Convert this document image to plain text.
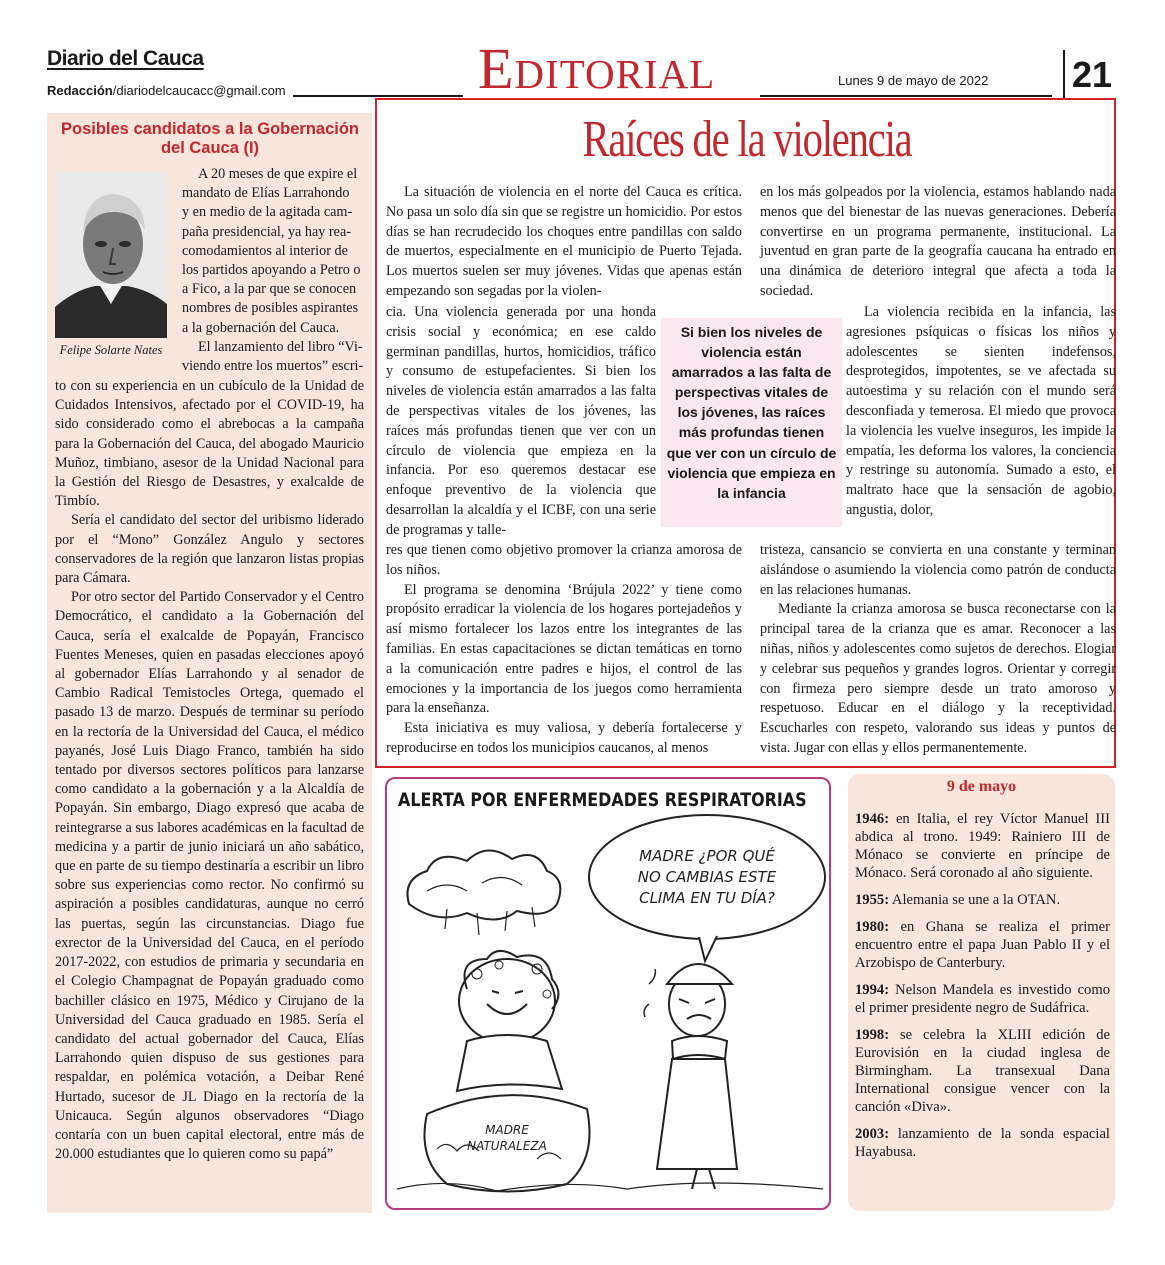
Diario del Cauca
Redacción/diariodelcaucacc@gmail.com	Editorial	Lunes 9 de mayo de 2022 21
Posibles candidatos a la Gobernación del Cauca (I)
Felipe Solarte Nates
A 20 meses de que expire el
mandato de Elías Larrahondo
y en medio de la agitada cam-
paña presidencial, ya hay rea-
comodamientos al interior de
los partidos apoyando a Petro o
a Fico, a la par que se conocen
nombres de posibles aspirantes
a la gobernación del Cauca.
El lanzamiento del libro “Vi-
viendo entre los muertos” escri-

to con su experiencia en un cubículo de la Unidad de Cuidados Intensivos, afectado por el COVID-19, ha sido considerado como el abrebocas a la campaña para la Gobernación del Cauca, del abogado Mauricio Muñoz, timbiano, asesor de la Unidad Nacional para la Gestión del Riesgo de Desastres, y exalcalde de Timbío.

Sería el candidato del sector del uribismo liderado por el “Mono” González Angulo y sectores conservadores de la región que lanzaron listas propias para Cámara.

Por otro sector del Partido Conservador y el Centro Democrático, el candidato a la Gobernación del Cauca, sería el exalcalde de Popayán, Francisco Fuentes Meneses, quien en pasadas elecciones apoyó al gobernador Elías Larrahondo y al senador de Cambio Radical Temistocles Ortega, quemado el pasado 13 de marzo. Después de terminar su período en la rectoría de la Universidad del Cauca, el médico payanés, José Luis Diago Franco, también ha sido tentado por diversos sectores políticos para lanzarse como candidato a la gobernación y a la Alcaldía de Popayán. Sin embargo, Diago expresó que acaba de reintegrarse a sus labores académicas en la facultad de medicina y a partir de junio iniciará un año sabático, que en parte de su tiempo destinaría a escribir un libro sobre sus experiencias como rector. No confirmó su aspiración a posibles candidaturas, aunque no cerró las puertas, según las circunstancias. Diago fue exrector de la Universidad del Cauca, en el período 2017-2022, con estudios de primaria y secundaria en el Colegio Champagnat de Popayán graduado como bachiller clásico en 1975, Médico y Cirujano de la Universidad del Cauca graduado en 1985. Sería el candidato del actual gobernador del Cauca, Elías Larrahondo quien dispuso de sus gestiones para respaldar, en polémica votación, a Deibar René Hurtado, sucesor de JL Diago en la rectoría de la Unicauca. Según algunos observadores “Diago contaría con un buen capital electoral, entre más de 20.000 estudiantes que lo quieren como su papá”

Raíces de la violencia

La situación de violencia en el norte del Cauca es crítica. No pasa un solo día sin que se registre un homicidio. Por estos días se han recrudecido los choques entre pandillas con saldo de muertos, especialmente en el municipio de Puerto Tejada. Los muertos suelen ser muy jóvenes. Vidas que apenas están empezando son segadas por la violen-

cia. Una violencia generada por una honda crisis social y económica; en ese caldo germinan pandillas, hurtos, homicidios, tráfico y consumo de estupefacientes. Si bien los niveles de violencia están amarrados a las falta de perspectivas vitales de los jóvenes, las raíces más profundas tienen que ver con un círculo de violencia que empieza en la infancia. Por eso queremos destacar ese enfoque preventivo de la violencia que desarrollan la alcaldía y el ICBF, con una serie de programas y talle-

res que tienen como objetivo promover la crianza amorosa de los niños.

El programa se denomina ‘Brújula 2022’ y tiene como propósito erradicar la violencia de los hogares portejadeños y así mismo fortalecer los lazos entre los integrantes de las familias. En estas capacitaciones se dictan temáticas en torno a la comunicación entre padres e hijos, el control de las emociones y la importancia de los juegos como herramienta para la enseñanza.

Esta iniciativa es muy valiosa, y debería fortalecerse y reproducirse en todos los municipios caucanos, al menos

Si bien los niveles de violencia están amarrados a las falta de perspectivas vitales de los jóvenes, las raíces más profundas tienen que ver con un círculo de violencia que empieza en la infancia

en los más golpeados por la violencia, estamos hablando nada menos que del bienestar de las nuevas generaciones. Debería convertirse en un programa permanente, institucional. La juventud en gran parte de la geografía caucana ha entrado en una dinámica de deterioro integral que afecta a toda la sociedad.

La violencia recibida en la infancia, las agresiones psíquicas o físicas los niños y adolescentes se sienten indefensos, desprotegidos, impotentes, se ve afectada su autoestima y su relación con el mundo será desconfiada y temerosa. El miedo que provoca la violencia les vuelve inseguros, les impide la empatía, les deforma los valores, la conciencia y restringe su autonomía. Sumado a esto, el maltrato hace que la sensación de agobio, angustia, dolor,

tristeza, cansancio se convierta en una constante y terminan aislándose o asumiendo la violencia como patrón de conducta en las relaciones humanas.

Mediante la crianza amorosa se busca reconectarse con la principal tarea de la crianza que es amar. Reconocer a las niñas, niños y adolescentes como sujetos de derechos. Elogiar y celebrar sus pequeños y grandes logros. Orientar y corregir con firmeza pero siempre desde un trato amoroso y respetuoso. Educar en el diálogo y la receptividad. Escucharles con respeto, valorando sus ideas y puntos de vista. Jugar con ellas y ellos permanentemente.

MADRE ¿POR QUÉ
NO CAMBIAS ESTE
CLIMA EN TU DÍA?
MADRE
NATURALEZA
ALERTA POR ENFERMEDADES RESPIRATORIAS
9 de mayo

1946: en Italia, el rey Víctor Manuel III abdica al trono. 1949: Rainiero III de Mónaco se convierte en príncipe de Mónaco. Será coronado al año siguiente.

1955: Alemania se une a la OTAN.

1980: en Ghana se realiza el primer encuentro entre el papa Juan Pablo II y el Arzobispo de Canterbury.

1994: Nelson Mandela es investido como el primer presidente negro de Sudáfrica.

1998: se celebra la XLIII edición de Eurovisión en la ciudad inglesa de Birmingham. La transexual Dana International consigue vencer con la canción «Diva».

2003: lanzamiento de la sonda espacial Hayabusa.
